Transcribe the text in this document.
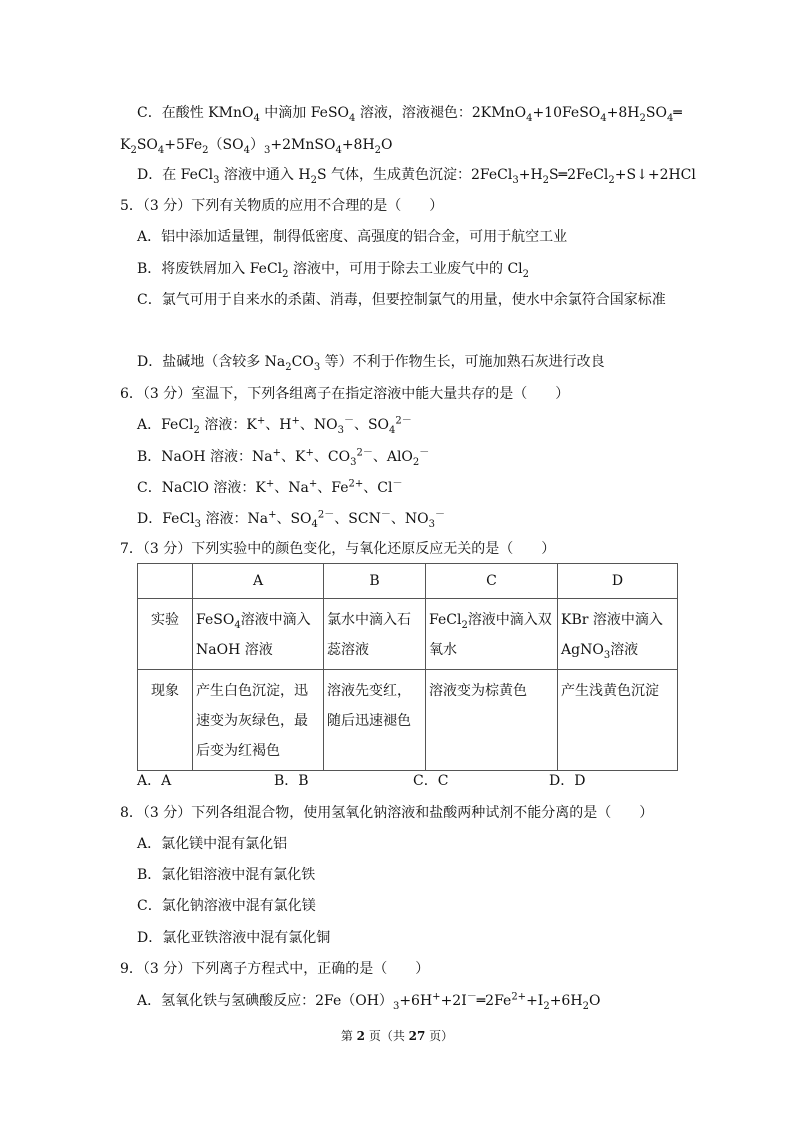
C．在酸性 KMnO$_4$ 中滴加 FeSO$_4$ 溶液，溶液褪色：$2KMnO_4+10FeSO_4+8H_2SO_4═$
$K_2SO_4+5Fe_2(SO_4)_3+2MnSO_4+8H_2O$
D．在 FeCl$_3$ 溶液中通入 $H_2S$ 气体，生成黄色沉淀：$2FeCl_3+H_2S═2FeCl_2+S↓+2HCl$
5．（3 分）下列有关物质的应用不合理的是（　　）
A．铝中添加适量锂，制得低密度、高强度的铝合金，可用于航空工业
B．将废铁屑加入 FeCl$_2$ 溶液中，可用于除去工业废气中的 $Cl_2$
C．氯气可用于自来水的杀菌、消毒，但要控制氯气的用量，使水中余氯符合国家标准
D．盐碱地（含较多 $Na_2CO_3$ 等）不利于作物生长，可施加熟石灰进行改良
6．（3 分）室温下，下列各组离子在指定溶液中能大量共存的是（　　）
A．FeCl$_2$ 溶液：K+、H+、$NO_3^-$、$SO_4^{2-}$
B．NaOH 溶液：Na+、K+、$CO_3^{2-}$、AlO$_2$－
C．NaClO 溶液：K+、Na+、$Fe^{2+}$、Cl－
D．FeCl$_3$ 溶液：Na+、$SO_4^{2-}$、SCN－、$NO_3^-$
7．（3 分）下列实验中的颜色变化，与氧化还原反应无关的是（　　）
	A	B	C	D
实验	FeSO$_4$溶液中滴入 NaOH 溶液	氯水中滴入石蕊溶液	FeCl$_2$溶液中滴入双氧水	KBr 溶液中滴入 AgNO$_3$溶液
现象	产生白色沉淀，迅速变为灰绿色，最后变为红褐色	溶液先变红，随后迅速褪色	溶液变为棕黄色	产生浅黄色沉淀
A．A	B．B	C．C	D．D
8．（3 分）下列各组混合物，使用氢氧化钠溶液和盐酸两种试剂不能分离的是（　　）
A．氯化镁中混有氯化铝
B．氯化铝溶液中混有氯化铁
C．氯化钠溶液中混有氯化镁
D．氯化亚铁溶液中混有氯化铜
9．（3 分）下列离子方程式中，正确的是（　　）
A．氢氧化铁与氢碘酸反应：$2Fe(OH)_3+6H^++2I^-═2Fe^{2+}+I_2+6H_2O$
第 2 页（共 27 页）
